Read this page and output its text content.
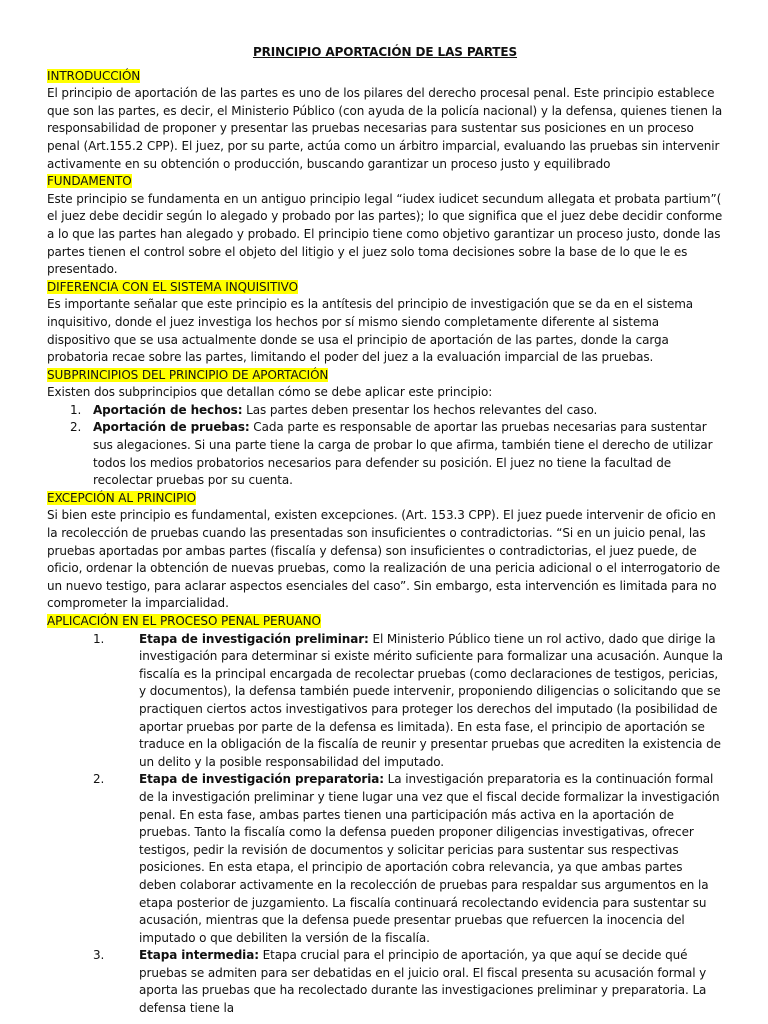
PRINCIPIO APORTACIÓN DE LAS PARTES
INTRODUCCIÓN

El principio de aportación de las partes es uno de los pilares del derecho procesal penal. Este principio establece que son las partes, es decir, el Ministerio Público (con ayuda de la policía nacional) y la defensa, quienes tienen la responsabilidad de proponer y presentar las pruebas necesarias para sustentar sus posiciones en un proceso penal (Art.155.2 CPP). El juez, por su parte, actúa como un árbitro imparcial, evaluando las pruebas sin intervenir activamente en su obtención o producción, buscando garantizar un proceso justo y equilibrado

FUNDAMENTO

Este principio se fundamenta en un antiguo principio legal “iudex iudicet secundum allegata et probata partium”( el juez debe decidir según lo alegado y probado por las partes); lo que significa que el juez debe decidir conforme a lo que las partes han alegado y probado. El principio tiene como objetivo garantizar un proceso justo, donde las partes tienen el control sobre el objeto del litigio y el juez solo toma decisiones sobre la base de lo que le es presentado.

DIFERENCIA CON EL SISTEMA INQUISITIVO

Es importante señalar que este principio es la antítesis del principio de investigación que se da en el sistema inquisitivo, donde el juez investiga los hechos por sí mismo siendo completamente diferente al sistema dispositivo que se usa actualmente donde se usa el principio de aportación de las partes, donde la carga probatoria recae sobre las partes, limitando el poder del juez a la evaluación imparcial de las pruebas.

SUBPRINCIPIOS DEL PRINCIPIO DE APORTACIÓN

Existen dos subprincipios que detallan cómo se debe aplicar este principio:

1. Aportación de hechos: Las partes deben presentar los hechos relevantes del caso.
2. Aportación de pruebas: Cada parte es responsable de aportar las pruebas necesarias para sustentar sus alegaciones. Si una parte tiene la carga de probar lo que afirma, también tiene el derecho de utilizar todos los medios probatorios necesarios para defender su posición. El juez no tiene la facultad de recolectar pruebas por su cuenta.
EXCEPCIÓN AL PRINCIPIO

Si bien este principio es fundamental, existen excepciones. (Art. 153.3 CPP). El juez puede intervenir de oficio en la recolección de pruebas cuando las presentadas son insuficientes o contradictorias. “Si en un juicio penal, las pruebas aportadas por ambas partes (fiscalía y defensa) son insuficientes o contradictorias, el juez puede, de oficio, ordenar la obtención de nuevas pruebas, como la realización de una pericia adicional o el interrogatorio de un nuevo testigo, para aclarar aspectos esenciales del caso”. Sin embargo, esta intervención es limitada para no comprometer la imparcialidad.

APLICACIÓN EN EL PROCESO PENAL PERUANO
1.	Etapa de investigación preliminar: El Ministerio Público tiene un rol activo, dado que dirige la investigación para determinar si existe mérito suficiente para formalizar una acusación. Aunque la fiscalía es la principal encargada de recolectar pruebas (como declaraciones de testigos, pericias, y documentos), la defensa también puede intervenir, proponiendo diligencias o solicitando que se practiquen ciertos actos investigativos para proteger los derechos del imputado (la posibilidad de aportar pruebas por parte de la defensa es limitada). En esta fase, el principio de aportación se traduce en la obligación de la fiscalía de reunir y presentar pruebas que acrediten la existencia de un delito y la posible responsabilidad del imputado.
2.	Etapa de investigación preparatoria: La investigación preparatoria es la continuación formal de la investigación preliminar y tiene lugar una vez que el fiscal decide formalizar la investigación penal. En esta fase, ambas partes tienen una participación más activa en la aportación de pruebas. Tanto la fiscalía como la defensa pueden proponer diligencias investigativas, ofrecer testigos, pedir la revisión de documentos y solicitar pericias para sustentar sus respectivas posiciones. En esta etapa, el principio de aportación cobra relevancia, ya que ambas partes deben colaborar activamente en la recolección de pruebas para respaldar sus argumentos en la etapa posterior de juzgamiento. La fiscalía continuará recolectando evidencia para sustentar su acusación, mientras que la defensa puede presentar pruebas que refuercen la inocencia del imputado o que debiliten la versión de la fiscalía.
3.	Etapa intermedia: Etapa crucial para el principio de aportación, ya que aquí se decide qué pruebas se admiten para ser debatidas en el juicio oral. El fiscal presenta su acusación formal y aporta las pruebas que ha recolectado durante las investigaciones preliminar y preparatoria. La defensa tiene la
